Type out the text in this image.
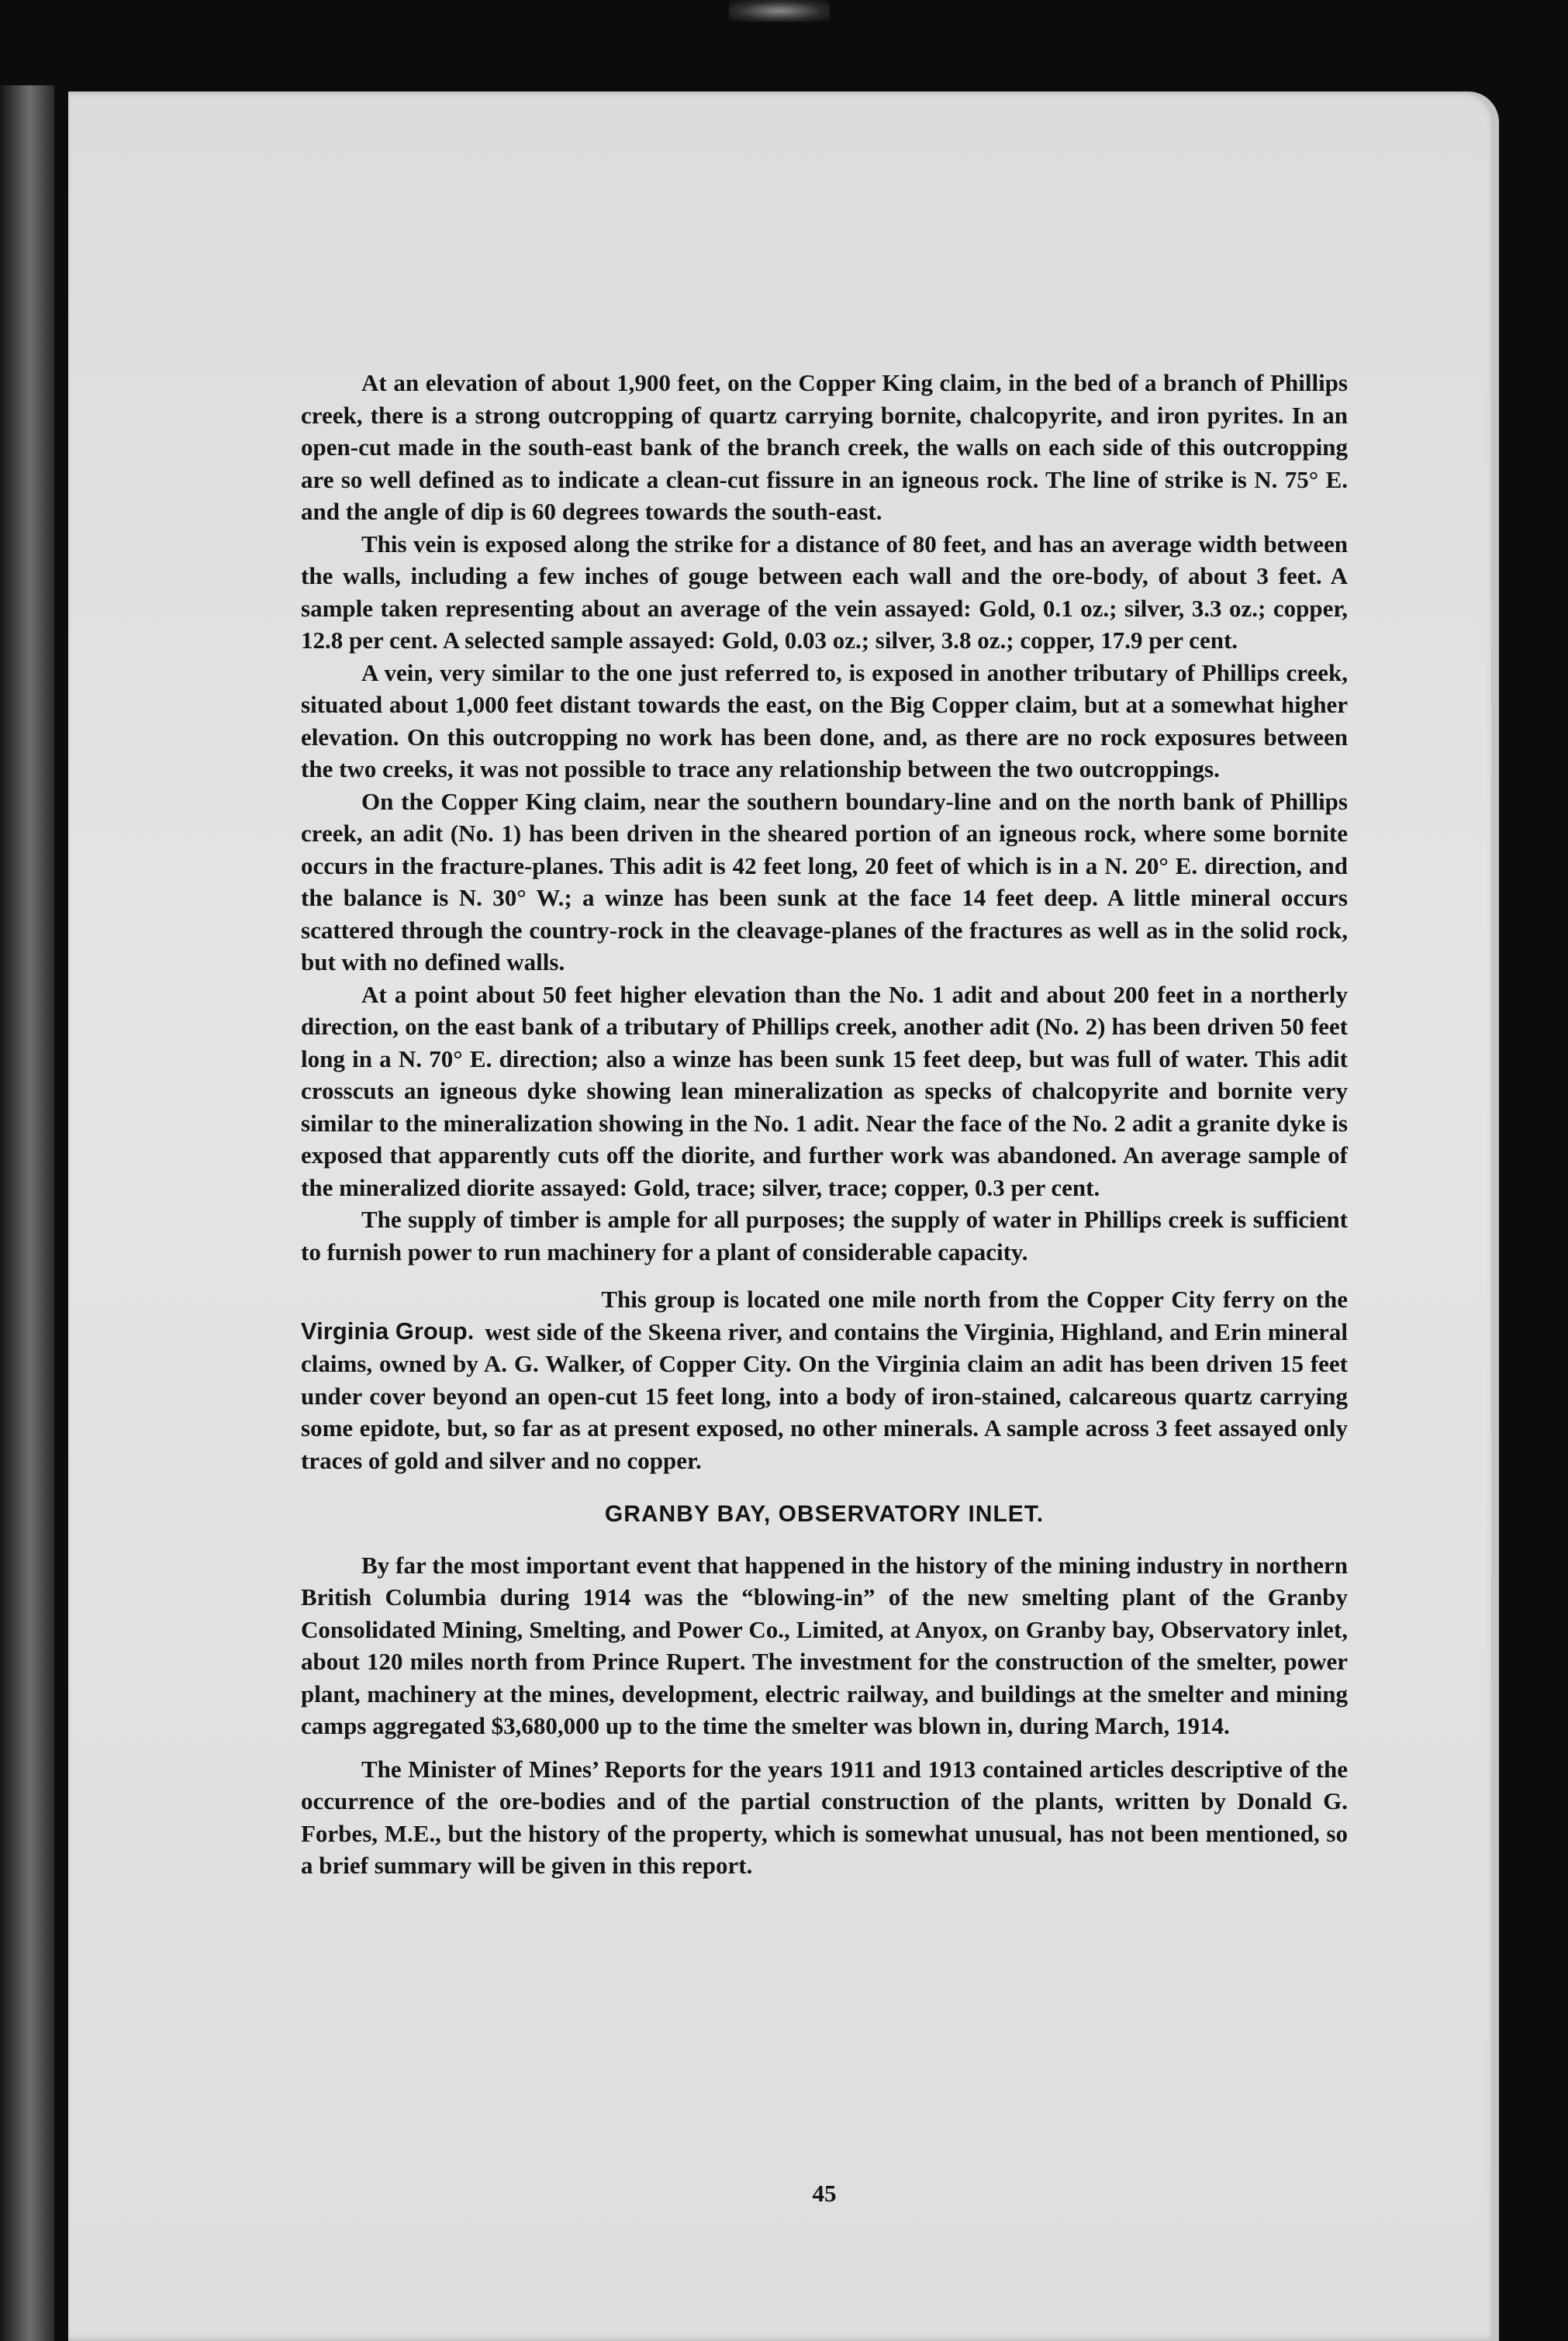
At an elevation of about 1,900 feet, on the Copper King claim, in the bed of a branch of Phillips creek, there is a strong outcropping of quartz carrying bornite, chalcopyrite, and iron pyrites. In an open-cut made in the south-east bank of the branch creek, the walls on each side of this outcropping are so well defined as to indicate a clean-cut fissure in an igneous rock. The line of strike is N. 75° E. and the angle of dip is 60 degrees towards the south-east.

This vein is exposed along the strike for a distance of 80 feet, and has an average width between the walls, including a few inches of gouge between each wall and the ore-body, of about 3 feet. A sample taken representing about an average of the vein assayed: Gold, 0.1 oz.; silver, 3.3 oz.; copper, 12.8 per cent. A selected sample assayed: Gold, 0.03 oz.; silver, 3.8 oz.; copper, 17.9 per cent.

A vein, very similar to the one just referred to, is exposed in another tributary of Phillips creek, situated about 1,000 feet distant towards the east, on the Big Copper claim, but at a somewhat higher elevation. On this outcropping no work has been done, and, as there are no rock exposures between the two creeks, it was not possible to trace any relationship between the two outcroppings.

On the Copper King claim, near the southern boundary-line and on the north bank of Phillips creek, an adit (No. 1) has been driven in the sheared portion of an igneous rock, where some bornite occurs in the fracture-planes. This adit is 42 feet long, 20 feet of which is in a N. 20° E. direction, and the balance is N. 30° W.; a winze has been sunk at the face 14 feet deep. A little mineral occurs scattered through the country-rock in the cleavage-planes of the fractures as well as in the solid rock, but with no defined walls.

At a point about 50 feet higher elevation than the No. 1 adit and about 200 feet in a northerly direction, on the east bank of a tributary of Phillips creek, another adit (No. 2) has been driven 50 feet long in a N. 70° E. direction; also a winze has been sunk 15 feet deep, but was full of water. This adit crosscuts an igneous dyke showing lean mineralization as specks of chalcopyrite and bornite very similar to the mineralization showing in the No. 1 adit. Near the face of the No. 2 adit a granite dyke is exposed that apparently cuts off the diorite, and further work was abandoned. An average sample of the mineralized diorite assayed: Gold, trace; silver, trace; copper, 0.3 per cent.

The supply of timber is ample for all purposes; the supply of water in Phillips creek is sufficient to furnish power to run machinery for a plant of considerable capacity.

Virginia Group.

This group is located one mile north from the Copper City ferry on the west side of the Skeena river, and contains the Virginia, Highland, and Erin mineral claims, owned by A. G. Walker, of Copper City. On the Virginia claim an adit has been driven 15 feet under cover beyond an open-cut 15 feet long, into a body of iron-stained, calcareous quartz carrying some epidote, but, so far as at present exposed, no other minerals. A sample across 3 feet assayed only traces of gold and silver and no copper.

GRANBY BAY, OBSERVATORY INLET.

By far the most important event that happened in the history of the mining industry in northern British Columbia during 1914 was the “blowing-in” of the new smelting plant of the Granby Consolidated Mining, Smelting, and Power Co., Limited, at Anyox, on Granby bay, Observatory inlet, about 120 miles north from Prince Rupert. The investment for the construction of the smelter, power plant, machinery at the mines, development, electric railway, and buildings at the smelter and mining camps aggregated $3,680,000 up to the time the smelter was blown in, during March, 1914.

The Minister of Mines’ Reports for the years 1911 and 1913 contained articles descriptive of the occurrence of the ore-bodies and of the partial construction of the plants, written by Donald G. Forbes, M.E., but the history of the property, which is somewhat unusual, has not been mentioned, so a brief summary will be given in this report.

45
